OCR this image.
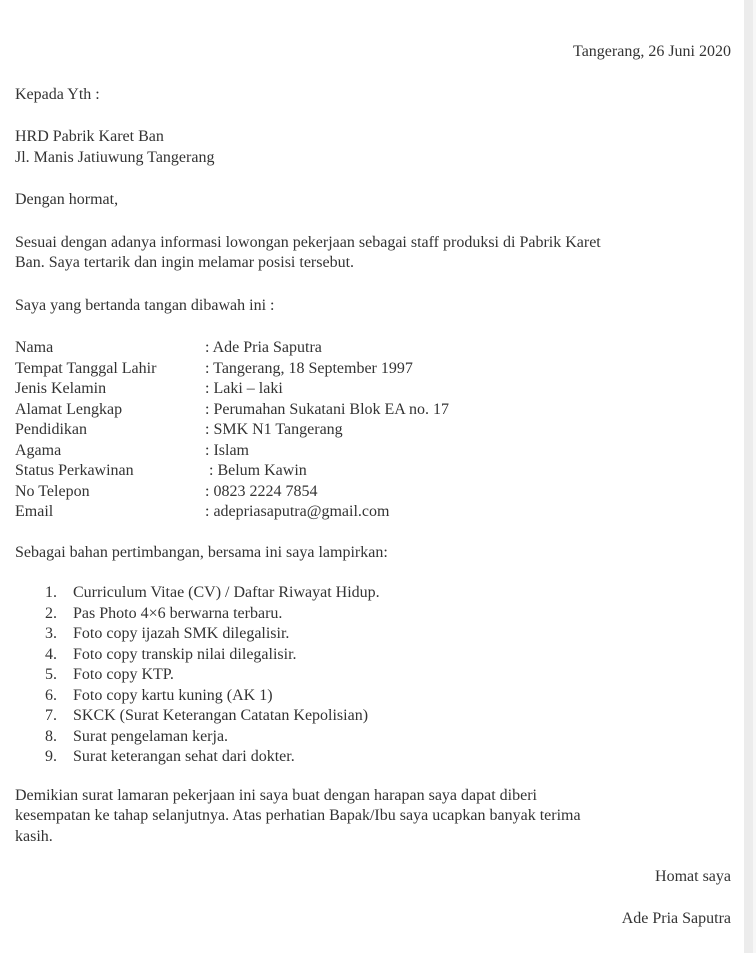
Tangerang, 26 Juni 2020
Kepada Yth :
HRD Pabrik Karet Ban
Jl. Manis Jatiuwung Tangerang
Dengan hormat,
Sesuai dengan adanya informasi lowongan pekerjaan sebagai staff produksi di Pabrik Karet
Ban. Saya tertarik dan ingin melamar posisi tersebut.
Saya yang bertanda tangan dibawah ini :
Nama	: Ade Pria Saputra
Tempat Tanggal Lahir	: Tangerang, 18 September 1997
Jenis Kelamin	: Laki – laki
Alamat Lengkap	: Perumahan Sukatani Blok EA no. 17
Pendidikan	: SMK N1 Tangerang
Agama	: Islam
Status Perkawinan	: Belum Kawin
No Telepon	: 0823 2224 7854
Email	: adepriasaputra@gmail.com
Sebagai bahan pertimbangan, bersama ini saya lampirkan:
1. Curriculum Vitae (CV) / Daftar Riwayat Hidup.
2. Pas Photo 4×6 berwarna terbaru.
3. Foto copy ijazah SMK dilegalisir.
4. Foto copy transkip nilai dilegalisir.
5. Foto copy KTP.
6. Foto copy kartu kuning (AK 1)
7. SKCK (Surat Keterangan Catatan Kepolisian)
8. Surat pengelaman kerja.
9. Surat keterangan sehat dari dokter.
Demikian surat lamaran pekerjaan ini saya buat dengan harapan saya dapat diberi
kesempatan ke tahap selanjutnya. Atas perhatian Bapak/Ibu saya ucapkan banyak terima
kasih.
Homat saya
Ade Pria Saputra
